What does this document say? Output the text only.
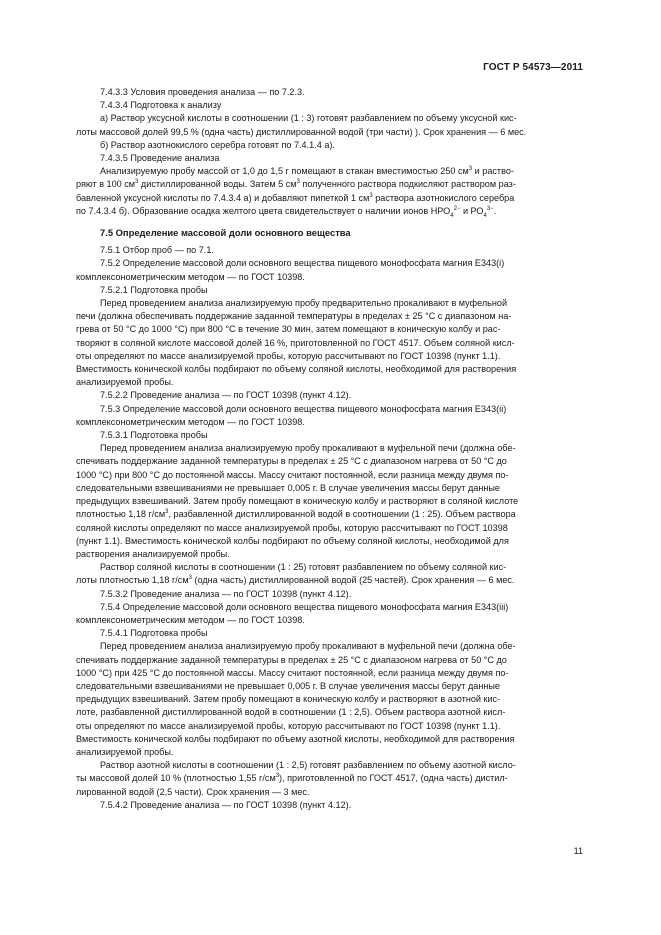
ГОСТ Р 54573—2011

7.4.3.3 Условия проведения анализа — по 7.2.3.

7.4.3.4 Подготовка к анализу

а) Раствор уксусной кислоты в соотношении (1 : 3) готовят разбавлением по объему уксусной кис-

лоты массовой долей 99,5 % (одна часть) дистиллированной водой (три части) ). Срок хранения — 6 мес.

б) Раствор азотнокислого серебра готовят по 7.4.1.4 а).

7.4.3.5 Проведение анализа

Анализируемую пробу массой от 1,0 до 1,5 г помещают в стакан вместимостью 250 $см^3$ и раство-

ряют в 100 $см^3$ дистиллированной воды. Затем 5 $см^3$ полученного раствора подкисляют раствором раз-

бавленной уксусной кислоты по 7.4.3.4 а) и добавляют пипеткой 1 $см^3$ раствора азотнокислого серебра

по 7.4.3.4 б). Образование осадка желтого цвета свидетельствует о наличии ионов $НРО_4^{2-}$ и $РО_4^{3-}$.

7.5 Определение массовой доли основного вещества

7.5.1 Отбор проб — по 7.1.

7.5.2 Определение массовой доли основного вещества пищевого монофосфата магния Е343(i)

комплексонометрическим методом — по ГОСТ 10398.

7.5.2.1 Подготовка пробы

Перед проведением анализа анализируемую пробу предварительно прокаливают в муфельной

печи (должна обеспечивать поддержание заданной температуры в пределах ± 25 °С с диапазоном на-

грева от 50 °С до 1000 °С) при 800 °С в течение 30 мин, затем помещают в коническую колбу и рас-

творяют в соляной кислоте массовой долей 16 %, приготовленной по ГОСТ 4517. Объем соляной кисл-

оты определяют по массе анализируемой пробы, которую рассчитывают по ГОСТ 10398 (пункт 1.1).

Вместимость конической колбы подбирают по объему соляной кислоты, необходимой для растворения

анализируемой пробы.

7.5.2.2 Проведение анализа — по ГОСТ 10398 (пункт 4.12).

7.5.3 Определение массовой доли основного вещества пищевого монофосфата магния Е343(ii)

комплексонометрическим методом — по ГОСТ 10398.

7.5.3.1 Подготовка пробы

Перед проведением анализа анализируемую пробу прокаливают в муфельной печи (должна обе-

спечивать поддержание заданной температуры в пределах ± 25 °С с диапазоном нагрева от 50 °С до

1000 °С) при 800 °С до постоянной массы. Массу считают постоянной, если разница между двумя по-

следовательными взвешиваниями не превышает 0,005 г. В случае увеличения массы берут данные

предыдущих взвешиваний. Затем пробу помещают в коническую колбу и растворяют в соляной кислоте

плотностью 1,18 $г/см^3$, разбавленной дистиллированной водой в соотношении (1 : 25). Объем раствора

соляной кислоты определяют по массе анализируемой пробы, которую рассчитывают по ГОСТ 10398

(пункт 1.1). Вместимость конической колбы подбирают по объему соляной кислоты, необходимой для

растворения анализируемой пробы.

Раствор соляной кислоты в соотношении (1 : 25) готовят разбавлением по объему соляной кис-

лоты плотностью 1,18 $г/см^3$ (одна часть) дистиллированной водой (25 частей). Срок хранения — 6 мес.

7.5.3.2 Проведение анализа — по ГОСТ 10398 (пункт 4.12).

7.5.4 Определение массовой доли основного вещества пищевого монофосфата магния Е343(iii)

комплексонометрическим методом — по ГОСТ 10398.

7.5.4.1 Подготовка пробы

Перед проведением анализа анализируемую пробу прокаливают в муфельной печи (должна обе-

спечивать поддержание заданной температуры в пределах ± 25 °С с диапазоном нагрева от 50 °С до

1000 °С) при 425 °С до постоянной массы. Массу считают постоянной, если разница между двумя по-

следовательными взвешиваниями не превышает 0,005 г. В случае увеличения массы берут данные

предыдущих взвешиваний. Затем пробу помещают в коническую колбу и растворяют в азотной кис-

лоте, разбавленной дистиллированной водой в соотношении (1 : 2,5). Объем раствора азотной кисл-

оты определяют по массе анализируемой пробы, которую рассчитывают по ГОСТ 10398 (пункт 1.1).

Вместимость конической колбы подбирают по объему азотной кислоты, необходимой для растворения

анализируемой пробы.

Раствор азотной кислоты в соотношении (1 : 2,5) готовят разбавлением по объему азотной кисло-

ты массовой долей 10 % (плотностью 1,55 $г/см^3$), приготовленной по ГОСТ 4517, (одна часть) дистил-

лированной водой (2,5 части). Срок хранения — 3 мес.

7.5.4.2 Проведение анализа — по ГОСТ 10398 (пункт 4.12).

11
